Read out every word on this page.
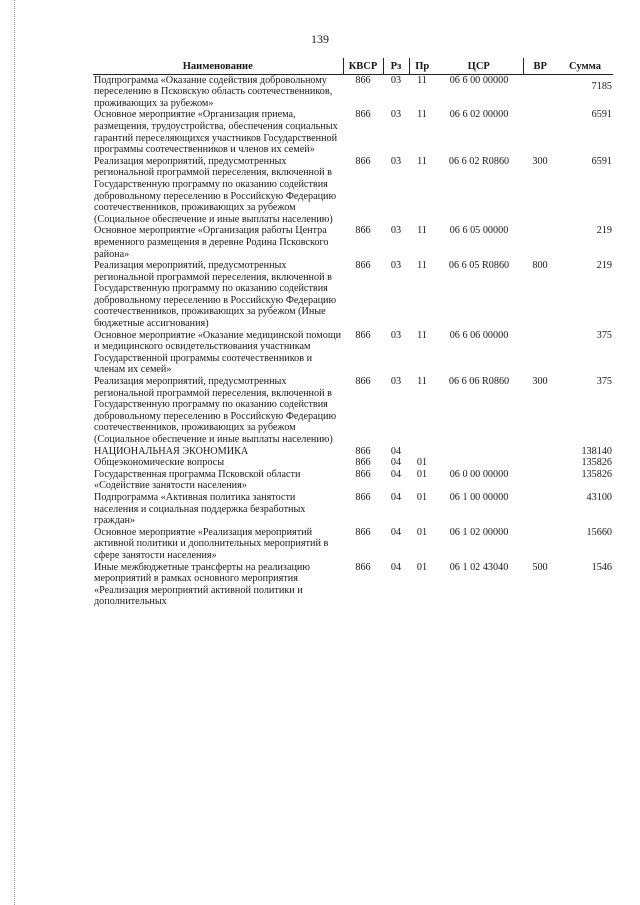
139
Наименование	КВСР	Рз	Пр	ЦСР	ВР	Сумма
Подпрограмма «Оказание содействия добровольному переселению в Псковскую область соотечественников, проживающих за рубежом»	866	03	11	06 6 00 00000		7185
Основное мероприятие «Организация приема, размещения, трудоустройства, обеспечения социальных гарантий переселяющихся участников Государственной программы соотечественников и членов их семей»	866	03	11	06 6 02 00000		6591
Реализация мероприятий, предусмотренных региональной программой переселения, включенной в Государственную программу по оказанию содействия добровольному переселению в Российскую Федерацию соотечественников, проживающих за рубежом (Социальное обеспечение и иные выплаты населению)	866	03	11	06 6 02 R0860	300	6591
Основное мероприятие «Организация работы Центра временного размещения в деревне Родина Псковского района»	866	03	11	06 6 05 00000		219
Реализация мероприятий, предусмотренных региональной программой переселения, включенной в Государственную программу по оказанию содействия добровольному переселению в Российскую Федерацию соотечественников, проживающих за рубежом (Иные бюджетные ассигнования)	866	03	11	06 6 05 R0860	800	219
Основное мероприятие «Оказание медицинской помощи и медицинского освидетельствования участникам Государственной программы соотечественников и членам их семей»	866	03	11	06 6 06 00000		375
Реализация мероприятий, предусмотренных региональной программой переселения, включенной в Государственную программу по оказанию содействия добровольному переселению в Российскую Федерацию соотечественников, проживающих за рубежом (Социальное обеспечение и иные выплаты населению)	866	03	11	06 6 06 R0860	300	375
НАЦИОНАЛЬНАЯ ЭКОНОМИКА	866	04				138140
Общеэкономические вопросы	866	04	01			135826
Государственная программа Псковской области «Содействие занятости населения»	866	04	01	06 0 00 00000		135826
Подпрограмма «Активная политика занятости населения и социальная поддержка безработных граждан»	866	04	01	06 1 00 00000		43100
Основное мероприятие «Реализация мероприятий активной политики и дополнительных мероприятий в сфере занятости населения»	866	04	01	06 1 02 00000		15660
Иные межбюджетные трансферты на реализацию мероприятий в рамках основного мероприятия «Реализация мероприятий активной политики и дополнительных	866	04	01	06 1 02 43040	500	1546
